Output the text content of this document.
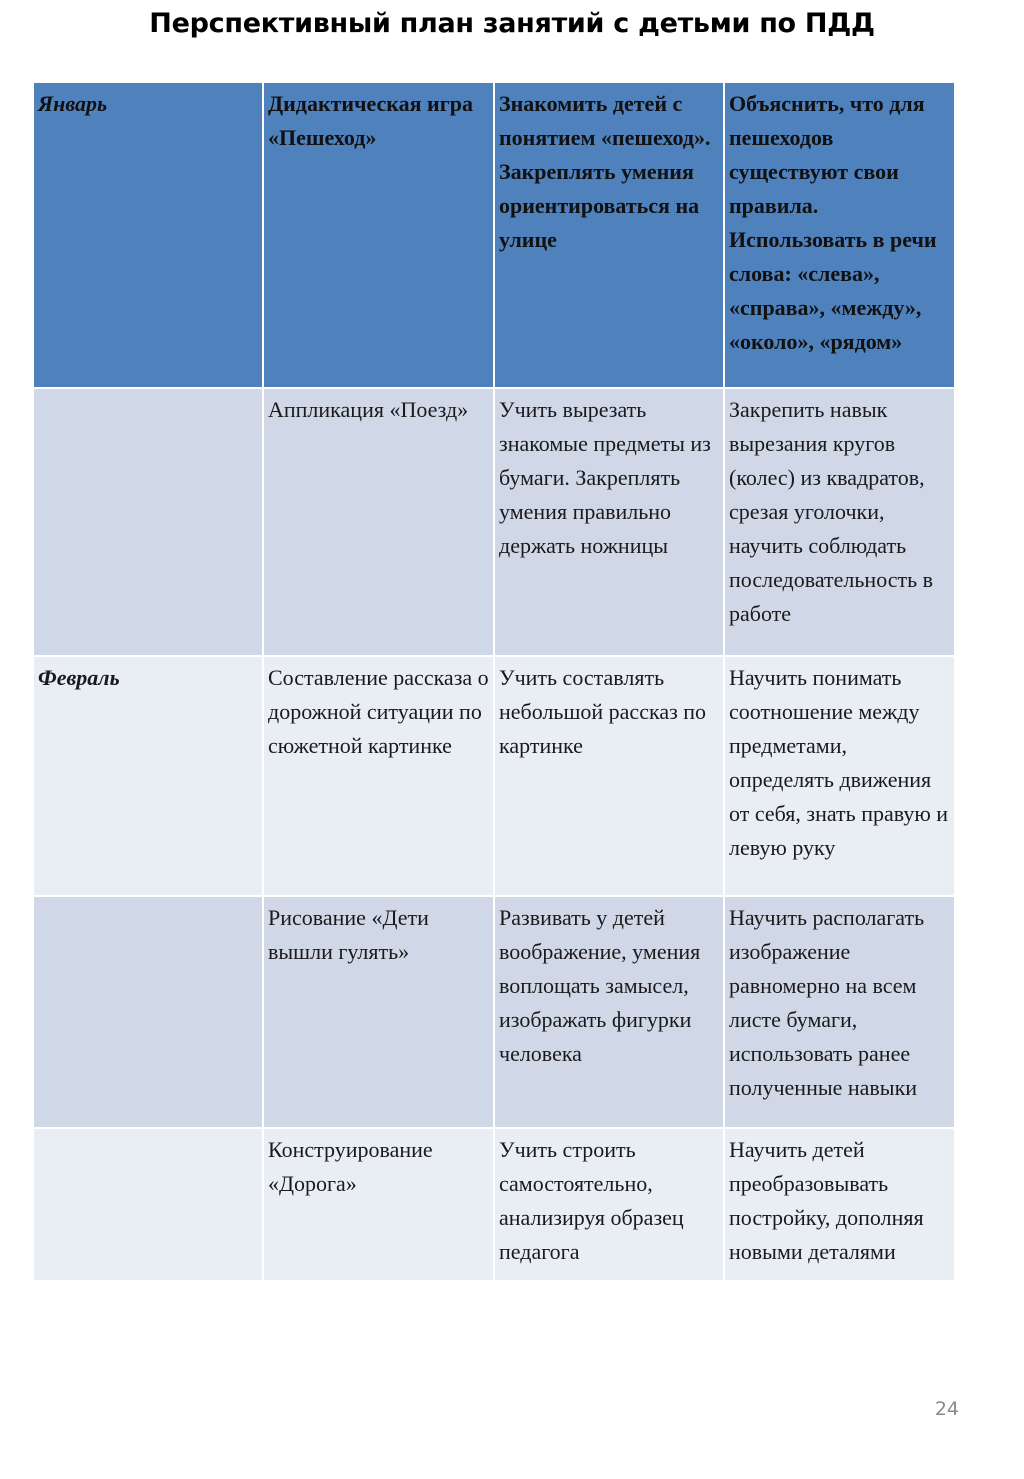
Перспективный план занятий с детьми по ПДД
Январь	Дидактическая игра «Пешеход»	Знакомить детей с понятием «пешеход». Закреплять умения ориентироваться на улице	Объяснить, что для пешеходов существуют свои правила. Использовать в речи слова: «слева», «справа», «между», «около», «рядом»
	Аппликация «Поезд»	Учить вырезать знакомые предметы из бумаги. Закреплять умения правильно держать ножницы	Закрепить навык вырезания кругов (колес) из квадратов, срезая уголочки, научить соблюдать последовательность в работе
Февраль	Составление рассказа о дорожной ситуации по сюжетной картинке	Учить составлять небольшой рассказ по картинке	Научить понимать соотношение между предметами, определять движения от себя, знать правую и левую руку
	Рисование «Дети вышли гулять»	Развивать у детей воображение, умения воплощать замысел, изображать фигурки человека	Научить располагать изображение равномерно на всем листе бумаги, использовать ранее полученные навыки
	Конструирование «Дорога»	Учить строить самостоятельно, анализируя образец педагога	Научить детей преобразовывать постройку, дополняя новыми деталями
24
